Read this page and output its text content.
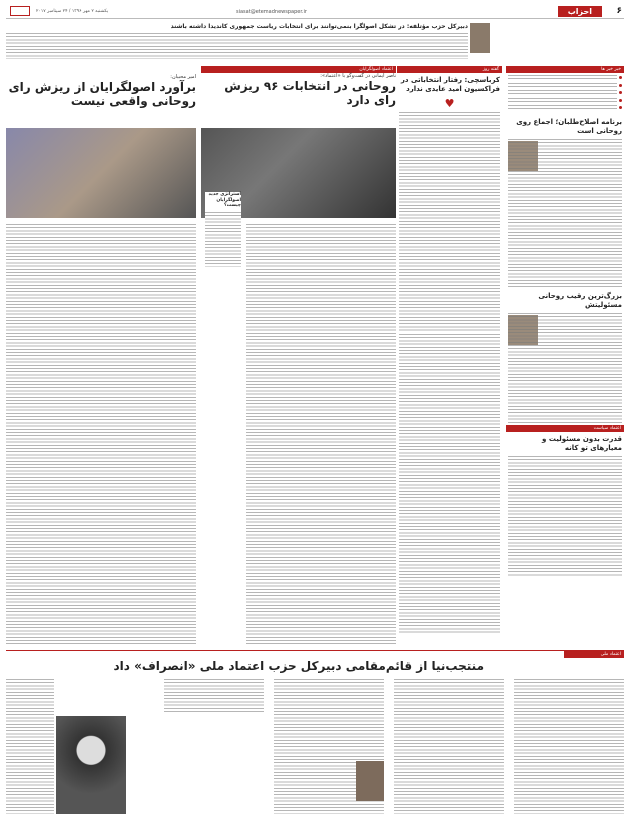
۶
احزاب
siasat@etemadnewspaper.ir
یکشنبه ۲ مهر ۱۳۹۶ / ۲۴ سپتامبر ۲۰۱۷
دبیرکل حزب مؤتلفه: در تشکل اصولگرا بنمی‌توانند برای انتخابات ریاست جمهوری کاندیدا داشته باشند
خبر خبر ها
برنامه اصلاح‌طلبان؛ اجماع روی روحانی است
بزرگ‌ترین رقیب روحانی مسئولیتش
اعتماد سیاست
قدرت بدون مسئولیت و معیارهای تو کانه
گفته روز
کرباسچی: رفتار انتخاباتی در فراکسیون امید عایدی ندارد
♥
اعتماد اصولگرایان
ناصر ایمانی در گفت‌وگو با «اعتماد»:
روحانی در انتخابات ۹۶ ریزش رای دارد
امیر محبیان:
برآورد اصولگرایان از ریزش رای روحانی واقعی نیست
استراتژی جدید اصولگرایان چیست؟
اعتماد ملی
منتجب‌نیا از قائم‌مقامی دبیرکل حزب اعتماد ملی «انصراف» داد
